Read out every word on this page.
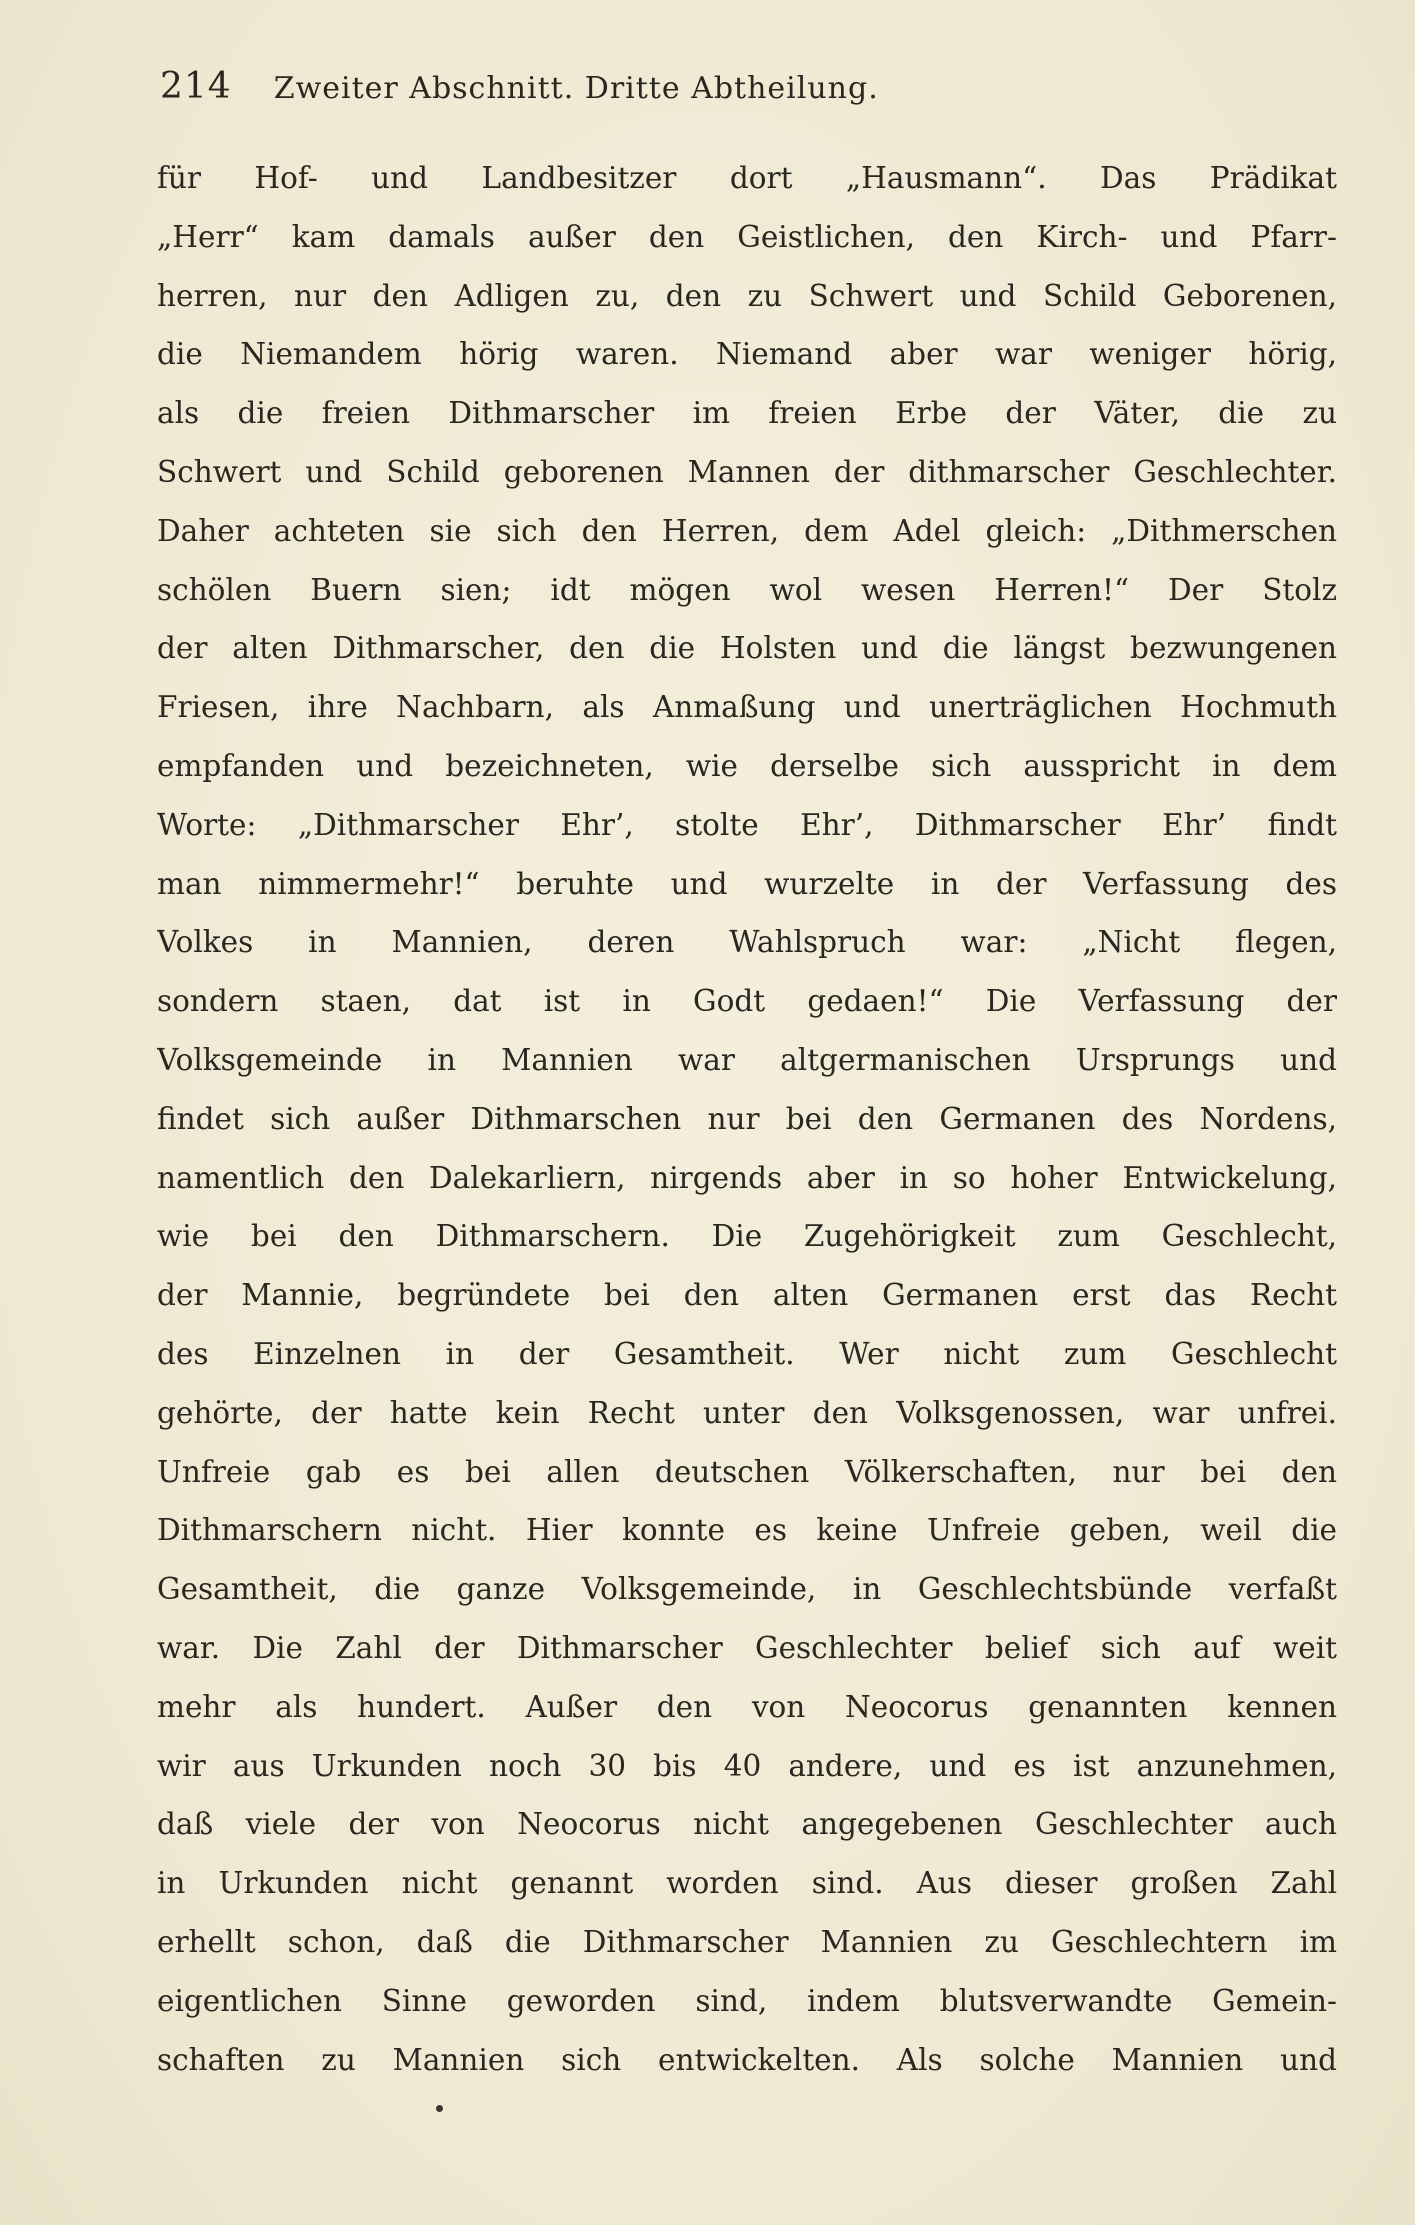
214 Zweiter Abschnitt. Dritte Abtheilung.
für Hof- und Landbesitzer dort „Hausmann“. Das Prädikat
„Herr“ kam damals außer den Geistlichen, den Kirch- und Pfarr-
herren, nur den Adligen zu, den zu Schwert und Schild Geborenen,
die Niemandem hörig waren. Niemand aber war weniger hörig,
als die freien Dithmarscher im freien Erbe der Väter, die zu
Schwert und Schild geborenen Mannen der dithmarscher Geschlechter.
Daher achteten sie sich den Herren, dem Adel gleich: „Dithmerschen
schölen Buern sien; idt mögen wol wesen Herren!“ Der Stolz
der alten Dithmarscher, den die Holsten und die längst bezwungenen
Friesen, ihre Nachbarn, als Anmaßung und unerträglichen Hochmuth
empfanden und bezeichneten, wie derselbe sich ausspricht in dem
Worte: „Dithmarscher Ehr’, stolte Ehr’, Dithmarscher Ehr’ findt
man nimmermehr!“ beruhte und wurzelte in der Verfassung des
Volkes in Mannien, deren Wahlspruch war: „Nicht flegen,
sondern staen, dat ist in Godt gedaen!“ Die Verfassung der
Volksgemeinde in Mannien war altgermanischen Ursprungs und
findet sich außer Dithmarschen nur bei den Germanen des Nordens,
namentlich den Dalekarliern, nirgends aber in so hoher Entwickelung,
wie bei den Dithmarschern. Die Zugehörigkeit zum Geschlecht,
der Mannie, begründete bei den alten Germanen erst das Recht
des Einzelnen in der Gesamtheit. Wer nicht zum Geschlecht
gehörte, der hatte kein Recht unter den Volksgenossen, war unfrei.
Unfreie gab es bei allen deutschen Völkerschaften, nur bei den
Dithmarschern nicht. Hier konnte es keine Unfreie geben, weil die
Gesamtheit, die ganze Volksgemeinde, in Geschlechtsbünde verfaßt
war. Die Zahl der Dithmarscher Geschlechter belief sich auf weit
mehr als hundert. Außer den von Neocorus genannten kennen
wir aus Urkunden noch 30 bis 40 andere, und es ist anzunehmen,
daß viele der von Neocorus nicht angegebenen Geschlechter auch
in Urkunden nicht genannt worden sind. Aus dieser großen Zahl
erhellt schon, daß die Dithmarscher Mannien zu Geschlechtern im
eigentlichen Sinne geworden sind, indem blutsverwandte Gemein-
schaften zu Mannien sich entwickelten. Als solche Mannien und
